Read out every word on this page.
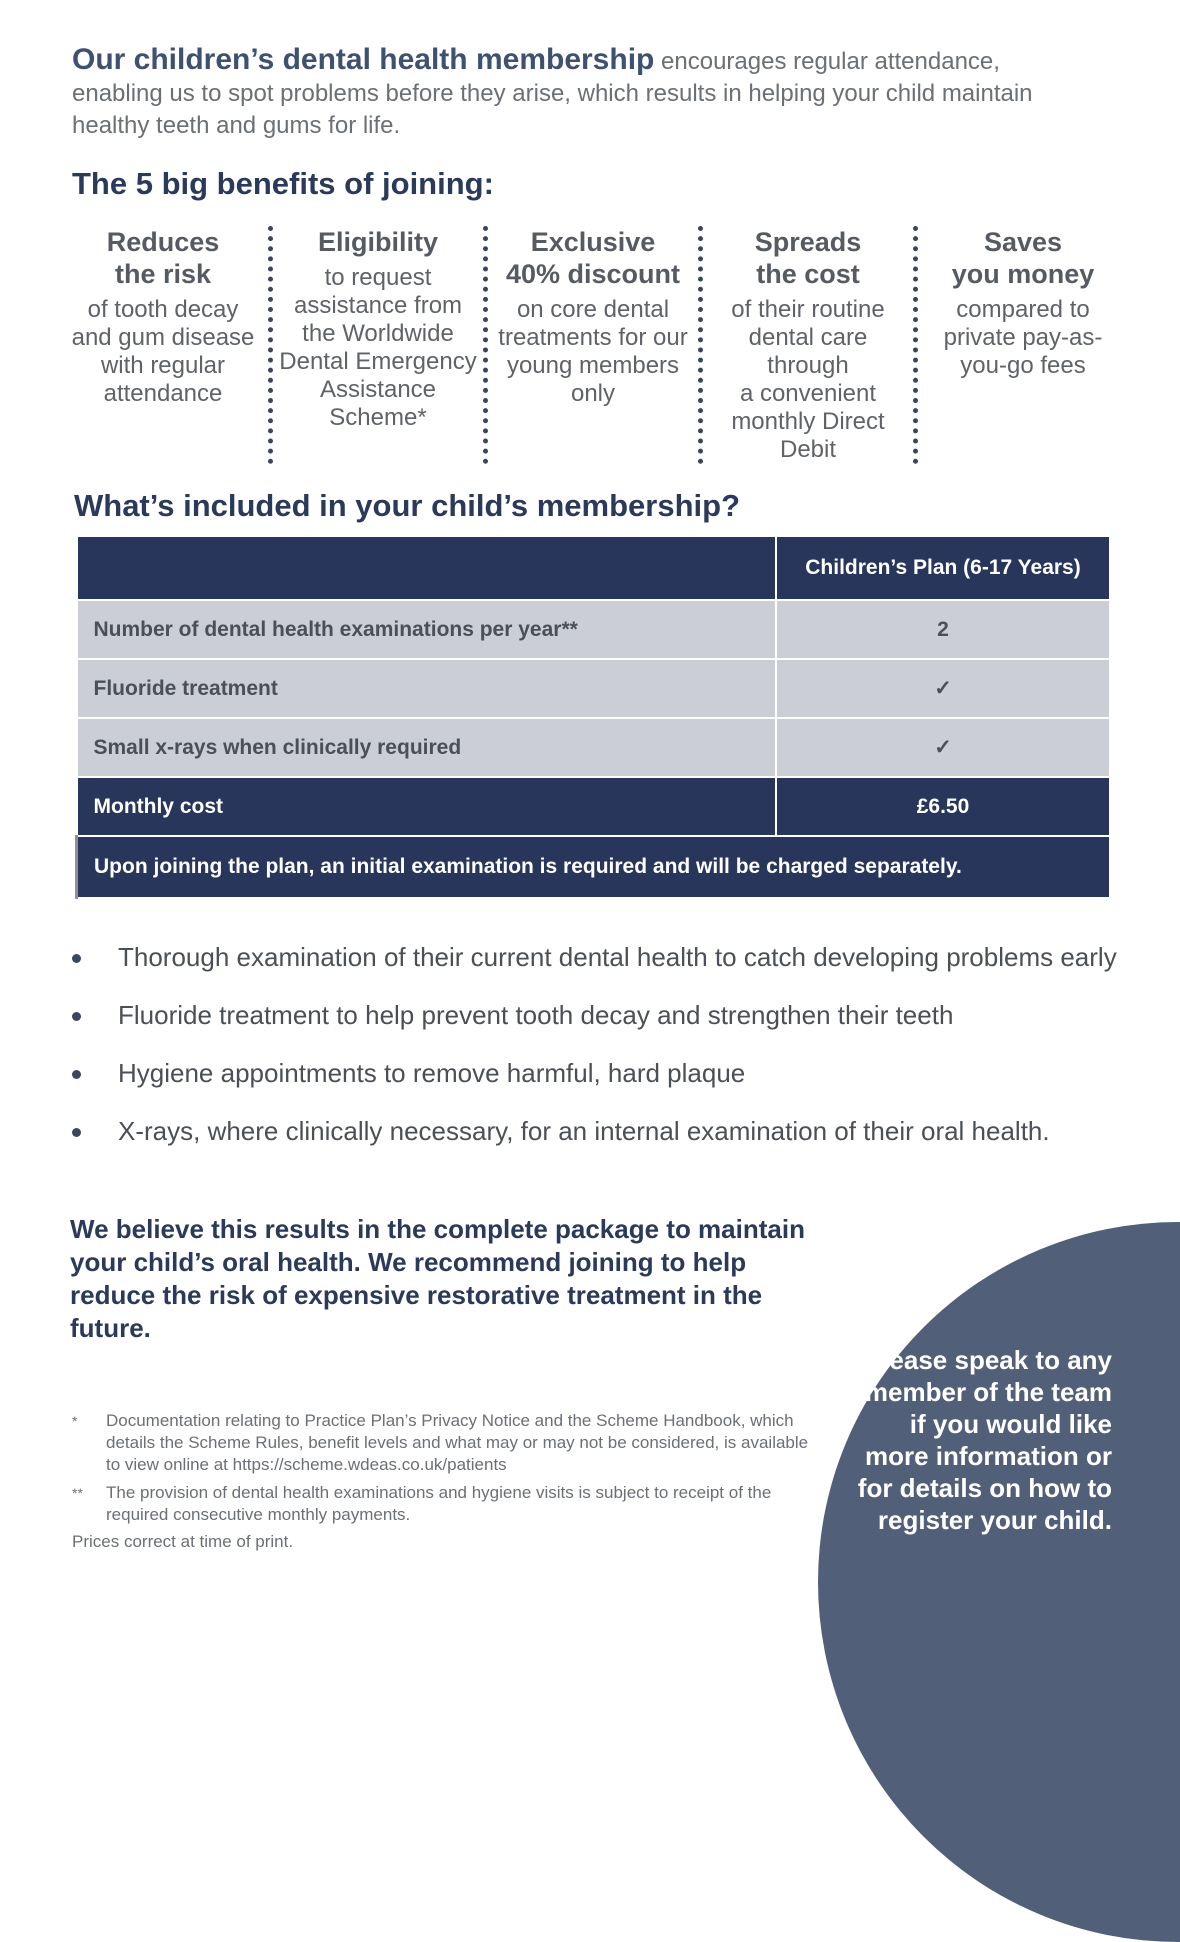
Our children’s dental health membership encourages regular attendance, enabling us to spot problems before they arise, which results in helping your child maintain healthy teeth and gums for life.

The 5 big benefits of joining:
Reduces
the risk
of tooth decay
and gum disease
with regular
attendance
Eligibility
to request
assistance from
the Worldwide
Dental Emergency
Assistance
Scheme*
Exclusive
40% discount
on core dental
treatments for our
young members
only
Spreads
the cost
of their routine
dental care through
a convenient
monthly Direct
Debit
Saves
you money
compared to
private pay-as-
you-go fees
What’s included in your child’s membership?
	Children’s Plan (6-17 Years)
Number of dental health examinations per year**	2
Fluoride treatment	✓
Small x-rays when clinically required	✓
Monthly cost	£6.50
Upon joining the plan, an initial examination is required and will be charged separately.	
Thorough examination of their current dental health to catch developing problems early
Fluoride treatment to help prevent tooth decay and strengthen their teeth
Hygiene appointments to remove harmful, hard plaque
X-rays, where clinically necessary, for an internal examination of their oral health.

We believe this results in the complete package to maintain your child’s oral health. We recommend joining to help reduce the risk of expensive restorative treatment in the future.

Please speak to any member of the team if you would like more information or for details on how to register your child.

*	Documentation relating to Practice Plan’s Privacy Notice and the Scheme Handbook, which details the Scheme Rules, benefit levels and what may or may not be considered, is available to view online at https://scheme.wdeas.co.uk/patients
**	The provision of dental health examinations and hygiene visits is subject to receipt of the required consecutive monthly payments.

Prices correct at time of print.
